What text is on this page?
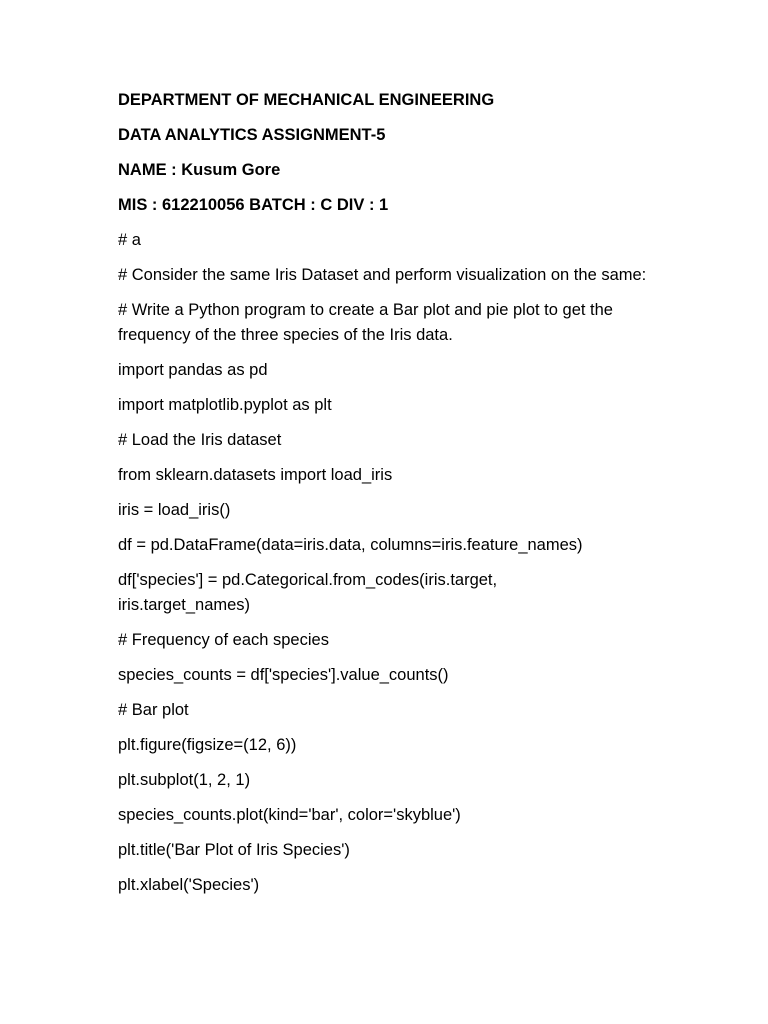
DEPARTMENT OF MECHANICAL ENGINEERING

DATA ANALYTICS ASSIGNMENT-5

NAME : Kusum Gore

MIS : 612210056 BATCH : C DIV : 1

# a

# Consider the same Iris Dataset and perform visualization on the same:

# Write a Python program to create a Bar plot and pie plot to get the frequency of the three species of the Iris data.

import pandas as pd

import matplotlib.pyplot as plt

# Load the Iris dataset

from sklearn.datasets import load_iris

iris = load_iris()

df = pd.DataFrame(data=iris.data, columns=iris.feature_names)

df['species'] = pd.Categorical.from_codes(iris.target, iris.target_names)

# Frequency of each species

species_counts = df['species'].value_counts()

# Bar plot

plt.figure(figsize=(12, 6))

plt.subplot(1, 2, 1)

species_counts.plot(kind='bar', color='skyblue')

plt.title('Bar Plot of Iris Species')

plt.xlabel('Species')
